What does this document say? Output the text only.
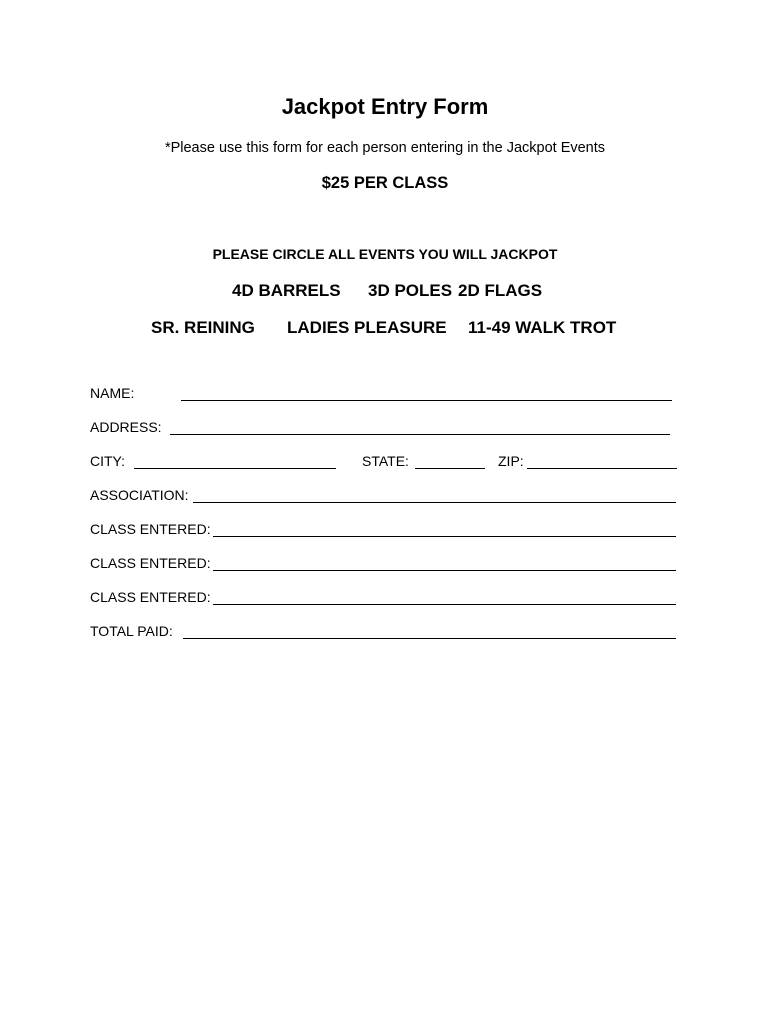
Jackpot Entry Form
*Please use this form for each person entering in the Jackpot Events
$25 PER CLASS
PLEASE CIRCLE ALL EVENTS YOU WILL JACKPOT
4D BARRELS 3D POLES 2D FLAGS
SR. REINING LADIES PLEASURE 11-49 WALK TROT
NAME:
ADDRESS:
CITY:	STATE:	ZIP:
ASSOCIATION:
CLASS ENTERED:
CLASS ENTERED:
CLASS ENTERED:
TOTAL PAID:
